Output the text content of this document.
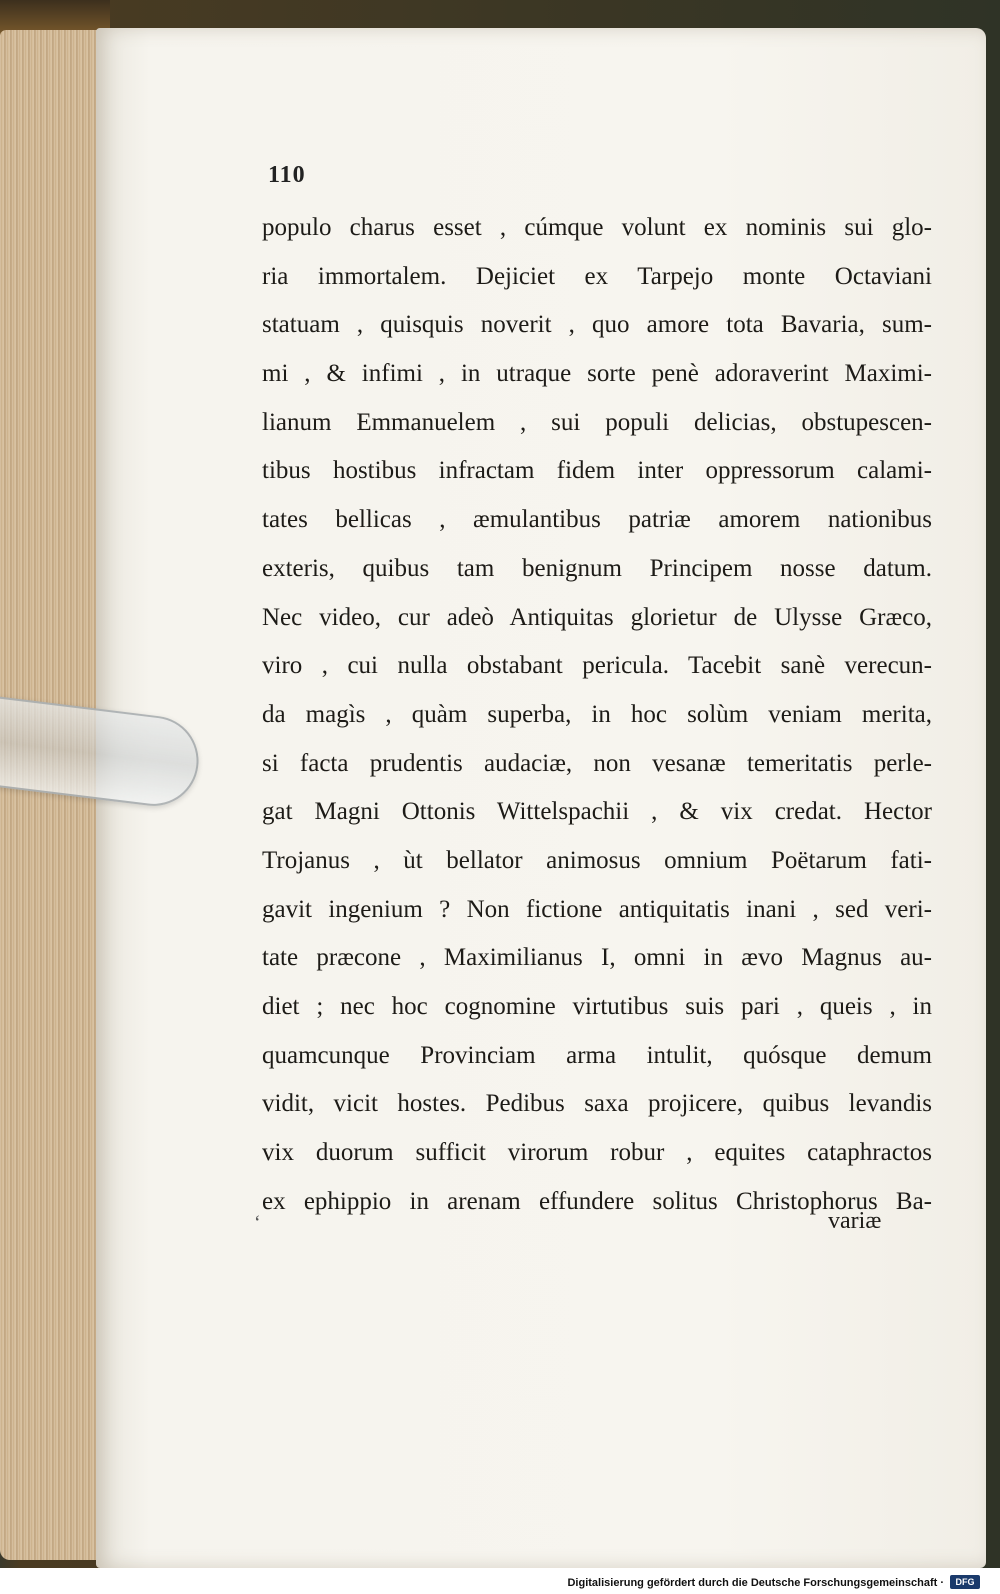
110
populo charus esset , cúmque volunt ex nominis sui glo-
ria immortalem. Dejiciet ex Tarpejo monte Octaviani
statuam , quisquis noverit , quo amore tota Bavaria, sum-
mi , & infimi , in utraque sorte penè adoraverint Maximi-
lianum Emmanuelem , sui populi delicias, obstupescen-
tibus hostibus infractam fidem inter oppressorum calami-
tates bellicas , æmulantibus patriæ amorem nationibus
exteris, quibus tam benignum Principem nosse datum.
Nec video, cur adeò Antiquitas glorietur de Ulysse Græco,
viro , cui nulla obstabant pericula. Tacebit sanè verecun-
da magìs , quàm superba, in hoc solùm veniam merita,
si facta prudentis audaciæ, non vesanæ temeritatis perle-
gat Magni Ottonis Wittelspachii , & vix credat. Hector
Trojanus , ùt bellator animosus omnium Poëtarum fati-
gavit ingenium ? Non fictione antiquitatis inani , sed veri-
tate præcone , Maximilianus I, omni in ævo Magnus au-
diet ; nec hoc cognomine virtutibus suis pari , queis , in
quamcunque Provinciam arma intulit, quósque demum
vidit, vicit hostes. Pedibus saxa projicere, quibus levandis
vix duorum sufficit virorum robur , equites cataphractos
ex ephippio in arenam effundere solitus Christophorus Ba-
ʻ	variæ
Digitalisierung gefördert durch die Deutsche Forschungsgemeinschaft ·	DFG
